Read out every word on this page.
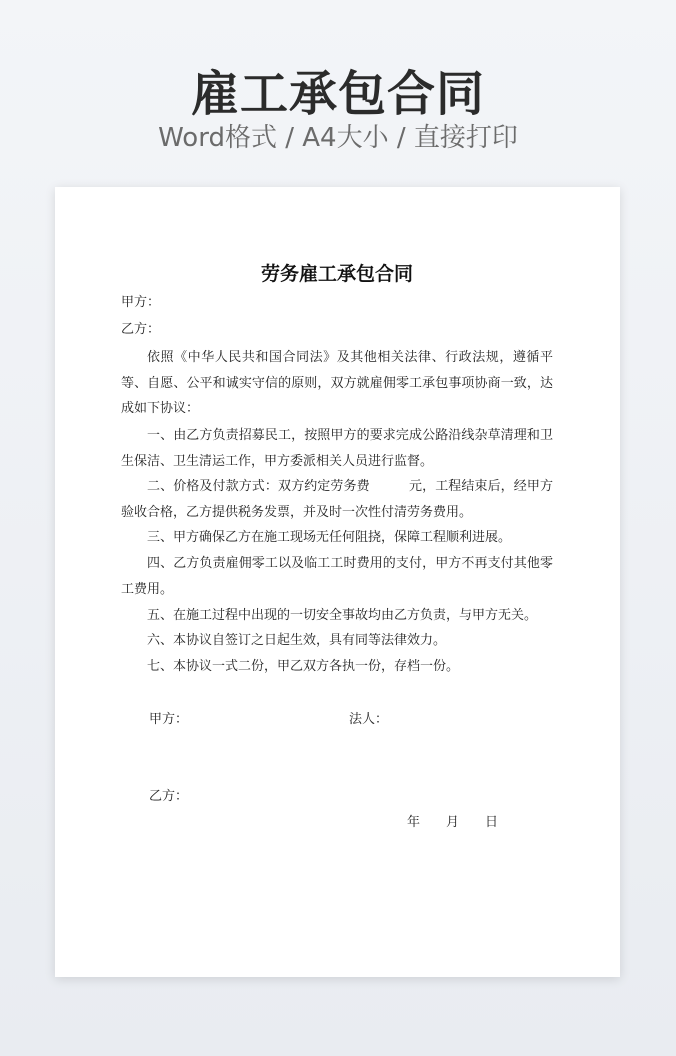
雇工承包合同
Word格式 / A4大小 / 直接打印
劳务雇工承包合同
甲方：
乙方：
依照《中华人民共和国合同法》及其他相关法律、行政法规，遵循平等、自愿、公平和诚实守信的原则，双方就雇佣零工承包事项协商一致，达成如下协议：
一、由乙方负责招募民工，按照甲方的要求完成公路沿线杂草清理和卫生保洁、卫生清运工作，甲方委派相关人员进行监督。
二、价格及付款方式：双方约定劳务费　　　元，工程结束后，经甲方验收合格，乙方提供税务发票，并及时一次性付清劳务费用。
三、甲方确保乙方在施工现场无任何阻挠，保障工程顺利进展。
四、乙方负责雇佣零工以及临工工时费用的支付，甲方不再支付其他零工费用。
五、在施工过程中出现的一切安全事故均由乙方负责，与甲方无关。
六、本协议自签订之日起生效，具有同等法律效力。
七、本协议一式二份，甲乙双方各执一份，存档一份。
甲方：	法人：
乙方：
年　　月　　日
